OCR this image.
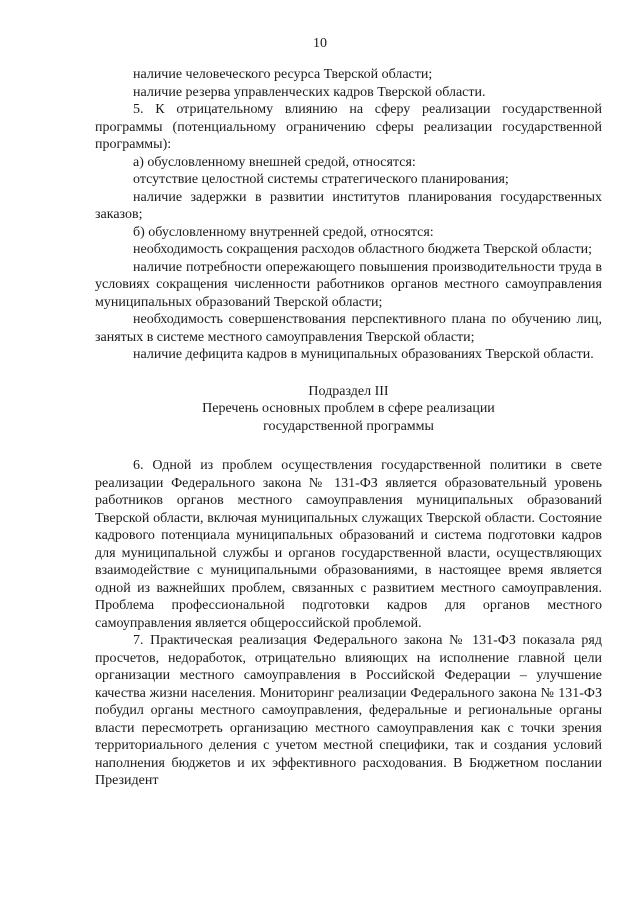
10

наличие человеческого ресурса Тверской области;

наличие резерва управленческих кадров Тверской области.

5. К отрицательному влиянию на сферу реализации государственной программы (потенциальному ограничению сферы реализации государственной программы):

а) обусловленному внешней средой, относятся:

отсутствие целостной системы стратегического планирования;

наличие задержки в развитии институтов планирования государственных заказов;

б) обусловленному внутренней средой, относятся:

необходимость сокращения расходов областного бюджета Тверской области;

наличие потребности опережающего повышения производительности труда в условиях сокращения численности работников органов местного самоуправления муниципальных образований Тверской области;

необходимость совершенствования перспективного плана по обучению лиц, занятых в системе местного самоуправления Тверской области;

наличие дефицита кадров в муниципальных образованиях Тверской области.

Подраздел III
Перечень основных проблем в сфере реализации
государственной программы

6. Одной из проблем осуществления государственной политики в свете реализации Федерального закона № 131-ФЗ является образовательный уровень работников органов местного самоуправления муниципальных образований Тверской области, включая муниципальных служащих Тверской области. Состояние кадрового потенциала муниципальных образований и система подготовки кадров для муниципальной службы и органов государственной власти, осуществляющих взаимодействие с муниципальными образованиями, в настоящее время является одной из важнейших проблем, связанных с развитием местного самоуправления. Проблема профессиональной подготовки кадров для органов местного самоуправления является общероссийской проблемой.

7. Практическая реализация Федерального закона № 131-ФЗ показала ряд просчетов, недоработок, отрицательно влияющих на исполнение главной цели организации местного самоуправления в Российской Федерации – улучшение качества жизни населения. Мониторинг реализации Федерального закона № 131-ФЗ побудил органы местного самоуправления, федеральные и региональные органы власти пересмотреть организацию местного самоуправления как с точки зрения территориального деления с учетом местной специфики, так и создания условий наполнения бюджетов и их эффективного расходования. В Бюджетном послании Президент
